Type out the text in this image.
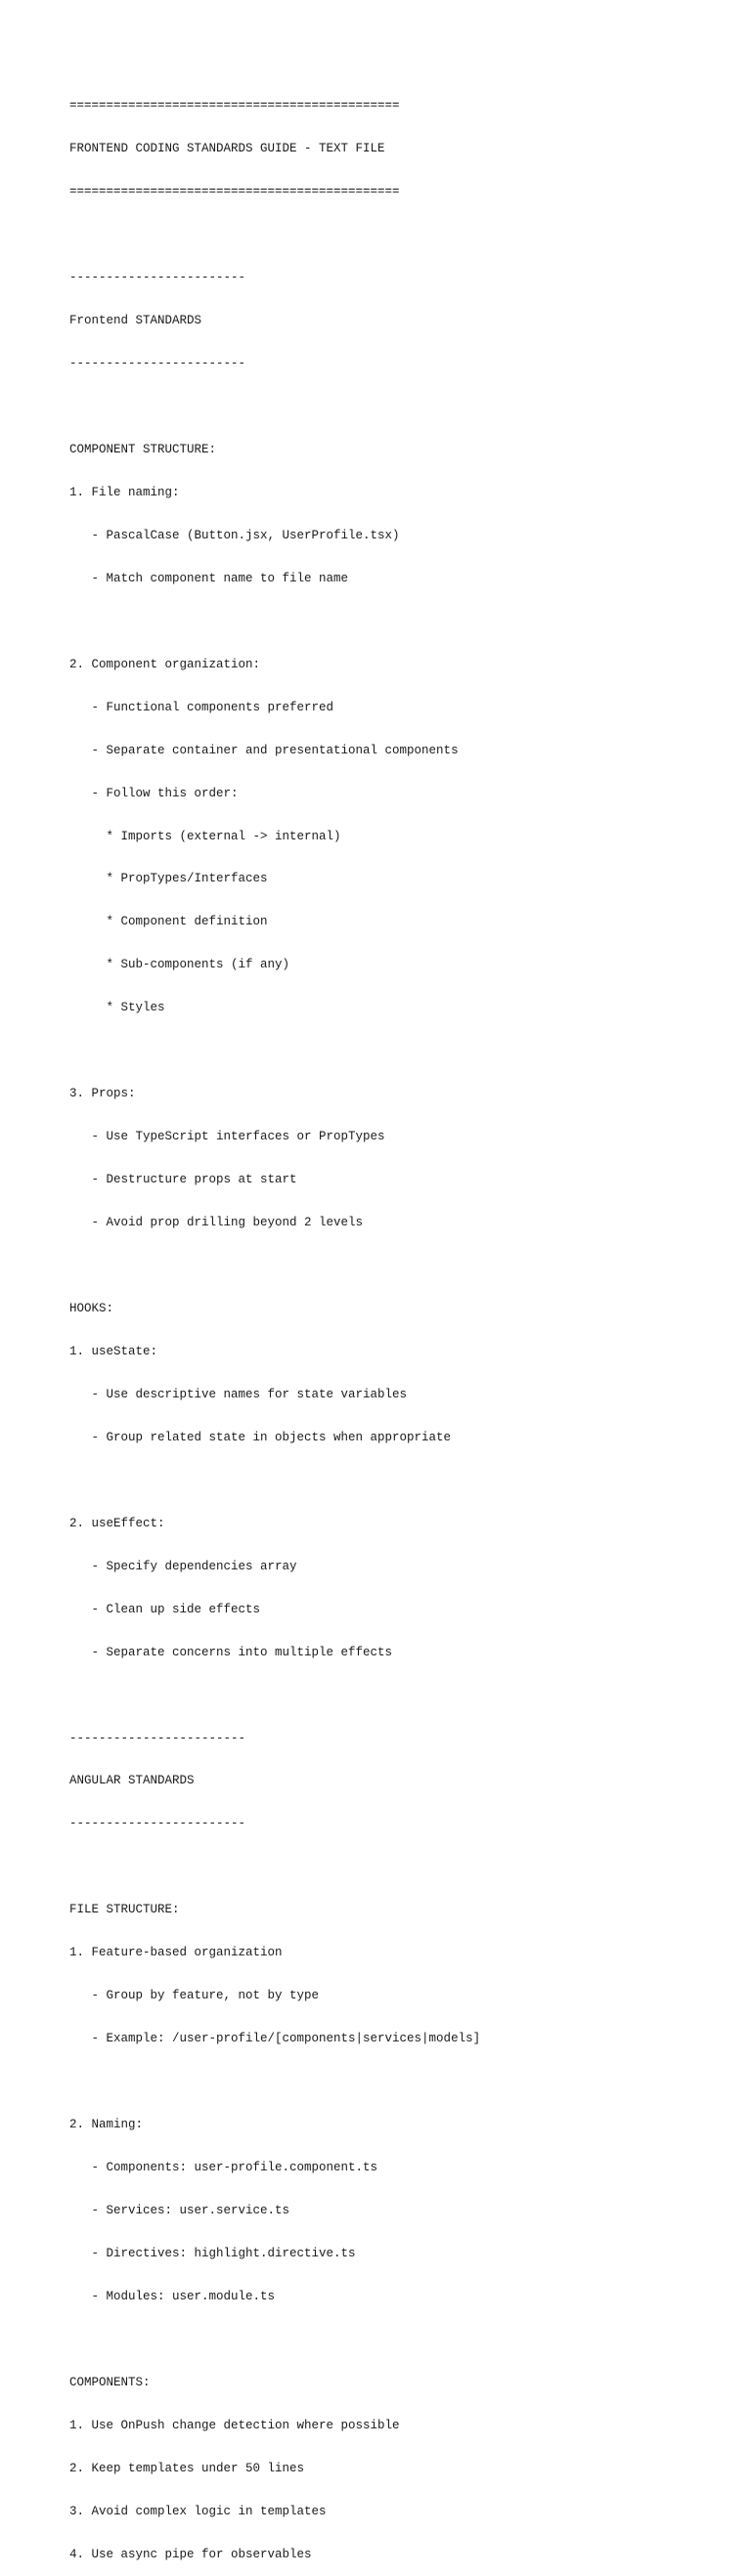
=============================================

FRONTEND CODING STANDARDS GUIDE - TEXT FILE

=============================================

------------------------

Frontend STANDARDS

------------------------

COMPONENT STRUCTURE:

1. File naming:

- PascalCase (Button.jsx, UserProfile.tsx)

- Match component name to file name

2. Component organization:

- Functional components preferred

- Separate container and presentational components

- Follow this order:

* Imports (external -> internal)

* PropTypes/Interfaces

* Component definition

* Sub-components (if any)

* Styles

3. Props:

- Use TypeScript interfaces or PropTypes

- Destructure props at start

- Avoid prop drilling beyond 2 levels

HOOKS:

1. useState:

- Use descriptive names for state variables

- Group related state in objects when appropriate

2. useEffect:

- Specify dependencies array

- Clean up side effects

- Separate concerns into multiple effects

------------------------

ANGULAR STANDARDS

------------------------

FILE STRUCTURE:

1. Feature-based organization

- Group by feature, not by type

- Example: /user-profile/[components|services|models]

2. Naming:

- Components: user-profile.component.ts

- Services: user.service.ts

- Directives: highlight.directive.ts

- Modules: user.module.ts

COMPONENTS:

1. Use OnPush change detection where possible

2. Keep templates under 50 lines

3. Avoid complex logic in templates

4. Use async pipe for observables
